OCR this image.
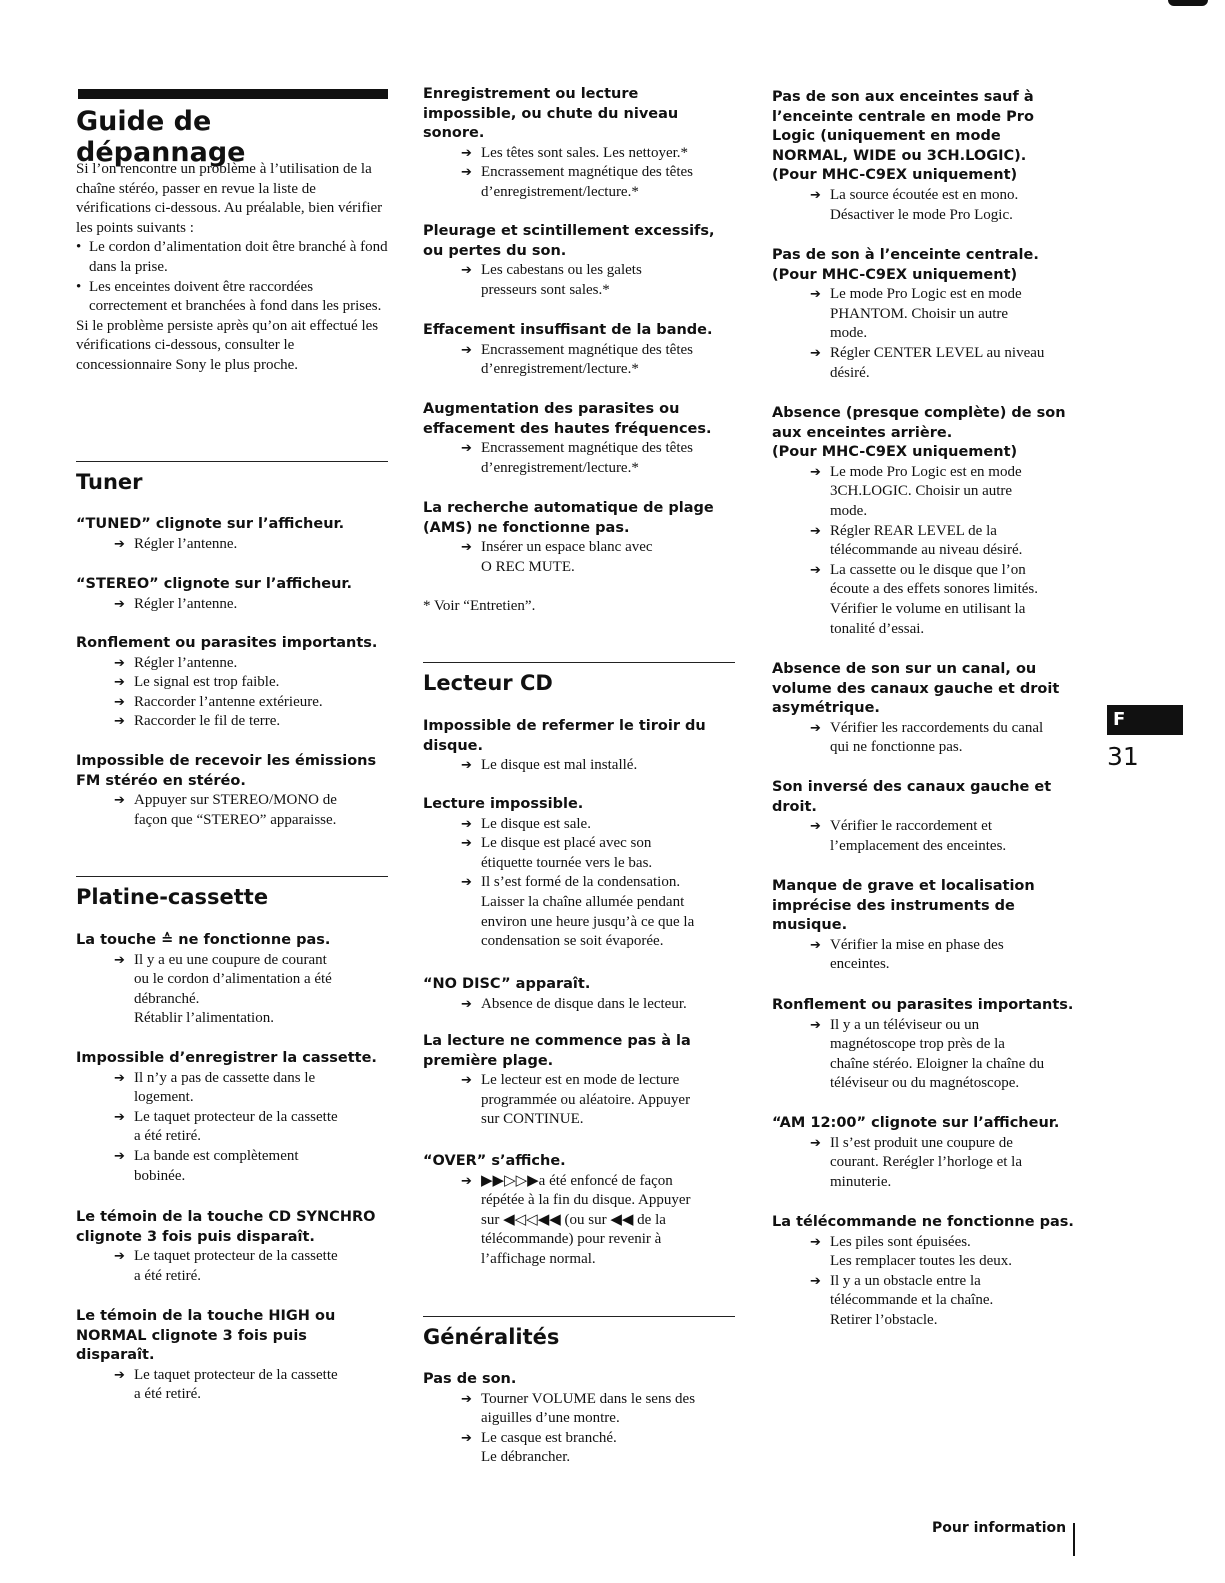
Guide de dépannage

Si l’on rencontre un problème à l’utilisation de la chaîne stéréo, passer en revue la liste de vérifications ci-dessous. Au préalable, bien vérifier les points suivants :

• Le cordon d’alimentation doit être branché à fond dans la prise.
• Les enceintes doivent être raccordées correctement et branchées à fond dans les prises.

Si le problème persiste après qu’on ait effectué les vérifications ci-dessous, consulter le concessionnaire Sony le plus proche.

Tuner
“TUNED” clignote sur l’afficheur.
➔ Régler l’antenne.
“STEREO” clignote sur l’afficheur.
➔ Régler l’antenne.
Ronflement ou parasites importants.
➔ Régler l’antenne.
➔ Le signal est trop faible.
➔ Raccorder l’antenne extérieure.
➔ Raccorder le fil de terre.
Impossible de recevoir les émissions
FM stéréo en stéréo.
➔ Appuyer sur STEREO/MONO de
façon que “STEREO” apparaisse.
Platine-cassette
La touche ≙ ne fonctionne pas.
➔ Il y a eu une coupure de courant
ou le cordon d’alimentation a été
débranché.
Rétablir l’alimentation.
Impossible d’enregistrer la cassette.
➔ Il n’y a pas de cassette dans le
logement.
➔ Le taquet protecteur de la cassette
a été retiré.
➔ La bande est complètement
bobinée.
Le témoin de la touche CD SYNCHRO
clignote 3 fois puis disparaît.
➔ Le taquet protecteur de la cassette
a été retiré.
Le témoin de la touche HIGH ou
NORMAL clignote 3 fois puis
disparaît.
➔ Le taquet protecteur de la cassette
a été retiré.
Enregistrement ou lecture
impossible, ou chute du niveau
sonore.
➔ Les têtes sont sales. Les nettoyer.*
➔ Encrassement magnétique des têtes
d’enregistrement/lecture.*
Pleurage et scintillement excessifs,
ou pertes du son.
➔ Les cabestans ou les galets
presseurs sont sales.*
Effacement insuffisant de la bande.
➔ Encrassement magnétique des têtes
d’enregistrement/lecture.*
Augmentation des parasites ou
effacement des hautes fréquences.
➔ Encrassement magnétique des têtes
d’enregistrement/lecture.*
La recherche automatique de plage
(AMS) ne fonctionne pas.
➔ Insérer un espace blanc avec
O REC MUTE.
* Voir “Entretien”.
Lecteur CD
Impossible de refermer le tiroir du
disque.
➔ Le disque est mal installé.
Lecture impossible.
➔ Le disque est sale.
➔ Le disque est placé avec son
étiquette tournée vers le bas.
➔ Il s’est formé de la condensation.
Laisser la chaîne allumée pendant
environ une heure jusqu’à ce que la
condensation se soit évaporée.
“NO DISC” apparaît.
➔ Absence de disque dans le lecteur.
La lecture ne commence pas à la
première plage.
➔ Le lecteur est en mode de lecture
programmée ou aléatoire. Appuyer
sur CONTINUE.
“OVER” s’affiche.
➔ ▶▶▷▷▶a été enfoncé de façon
répétée à la fin du disque. Appuyer
sur ◀◁◁◀◀ (ou sur ◀◀ de la
télécommande) pour revenir à
l’affichage normal.
Généralités
Pas de son.
➔ Tourner VOLUME dans le sens des
aiguilles d’une montre.
➔ Le casque est branché.
Le débrancher.
Pas de son aux enceintes sauf à
l’enceinte centrale en mode Pro
Logic (uniquement en mode
NORMAL, WIDE ou 3CH.LOGIC).
(Pour MHC-C9EX uniquement)
➔ La source écoutée est en mono.
Désactiver le mode Pro Logic.
Pas de son à l’enceinte centrale.
(Pour MHC-C9EX uniquement)
➔ Le mode Pro Logic est en mode
PHANTOM. Choisir un autre
mode.
➔ Régler CENTER LEVEL au niveau
désiré.
Absence (presque complète) de son
aux enceintes arrière.
(Pour MHC-C9EX uniquement)
➔ Le mode Pro Logic est en mode
3CH.LOGIC. Choisir un autre
mode.
➔ Régler REAR LEVEL de la
télécommande au niveau désiré.
➔ La cassette ou le disque que l’on
écoute a des effets sonores limités.
Vérifier le volume en utilisant la
tonalité d’essai.
Absence de son sur un canal, ou
volume des canaux gauche et droit
asymétrique.
➔ Vérifier les raccordements du canal
qui ne fonctionne pas.
Son inversé des canaux gauche et
droit.
➔ Vérifier le raccordement et
l’emplacement des enceintes.
Manque de grave et localisation
imprécise des instruments de
musique.
➔ Vérifier la mise en phase des
enceintes.
Ronflement ou parasites importants.
➔ Il y a un téléviseur ou un
magnétoscope trop près de la
chaîne stéréo. Eloigner la chaîne du
téléviseur ou du magnétoscope.
“AM 12:00” clignote sur l’afficheur.
➔ Il s’est produit une coupure de
courant. Rerégler l’horloge et la
minuterie.
La télécommande ne fonctionne pas.
➔ Les piles sont épuisées.
Les remplacer toutes les deux.
➔ Il y a un obstacle entre la
télécommande et la chaîne.
Retirer l’obstacle.
F
31
Pour information
